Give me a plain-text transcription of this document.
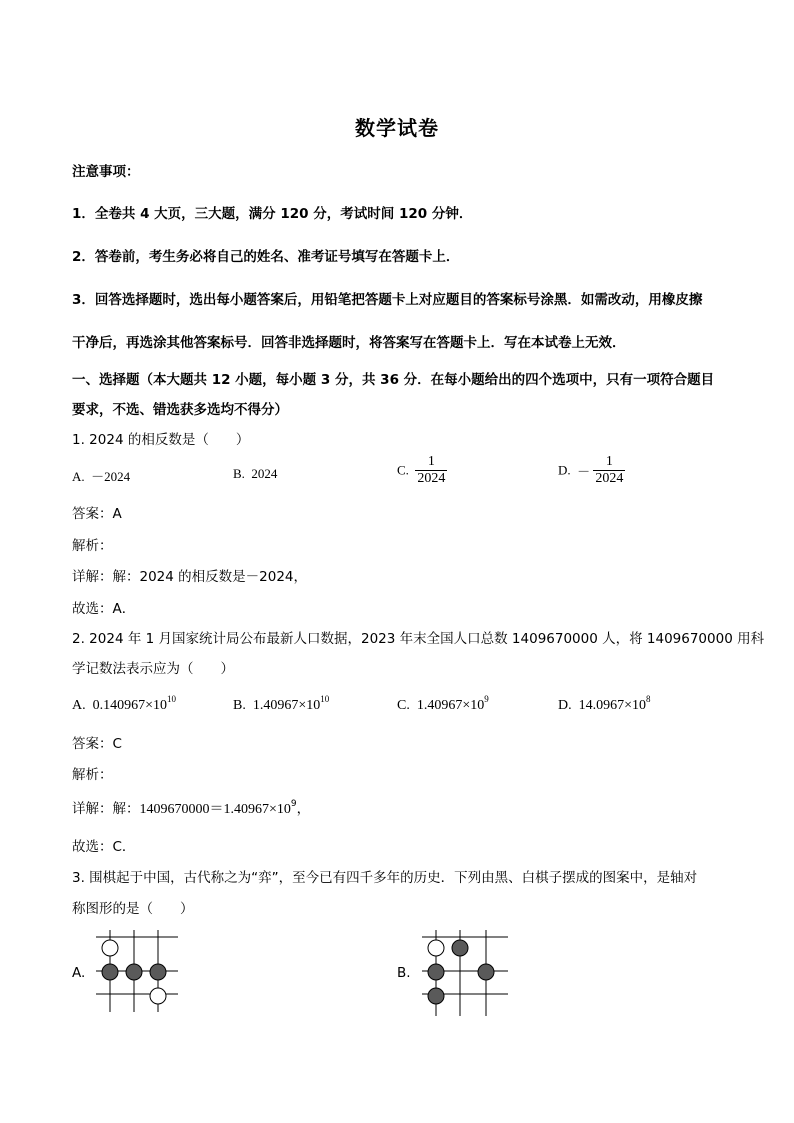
数学试卷
注意事项：
1．全卷共 4 大页，三大题，满分 120 分，考试时间 120 分钟．
2．答卷前，考生务必将自己的姓名、准考证号填写在答题卡上．
3．回答选择题时，选出每小题答案后，用铅笔把答题卡上对应题目的答案标号涂黑．如需改动，用橡皮擦
干净后，再选涂其他答案标号．回答非选择题时，将答案写在答题卡上．写在本试卷上无效．
一、选择题（本大题共 12 小题，每小题 3 分，共 36 分．在每小题给出的四个选项中，只有一项符合题目
要求，不选、错选获多选均不得分）
1. 2024 的相反数是（　　）
A. －2024	B. 2024	C. $\frac{1}{2024}$	D. － $\frac{1}{2024}$
答案：A
解析：
详解：解：2024 的相反数是－2024，
故选：A．
2. 2024 年 1 月国家统计局公布最新人口数据，2023 年末全国人口总数 1409670000 人，将 1409670000 用科
学记数法表示应为（　　）
A. $0.140967\times 10^{10}$	B. $1.40967\times 10^{10}$	C. $1.40967\times 10^9$	D. $14.0967\times 10^8$
答案：C
解析：
详解：解：$1409670000=1.40967\times 10^9$，
故选：C．
3. 围棋起于中国，古代称之为“弈”，至今已有四千多年的历史．下列由黑、白棋子摆成的图案中，是轴对
称图形的是（　　）
A.	B.
